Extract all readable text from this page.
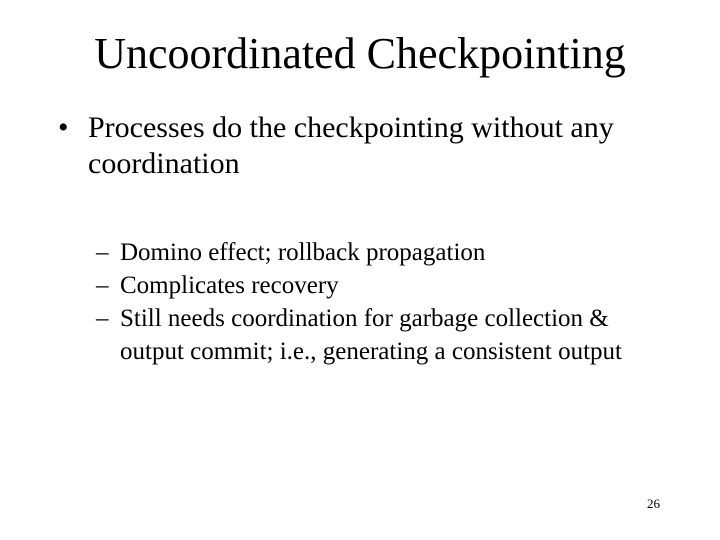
Uncoordinated Checkpointing
• Processes do the checkpointing without any coordination
– Domino effect; rollback propagation
– Complicates recovery
– Still needs coordination for garbage collection & output commit; i.e., generating a consistent output
26
